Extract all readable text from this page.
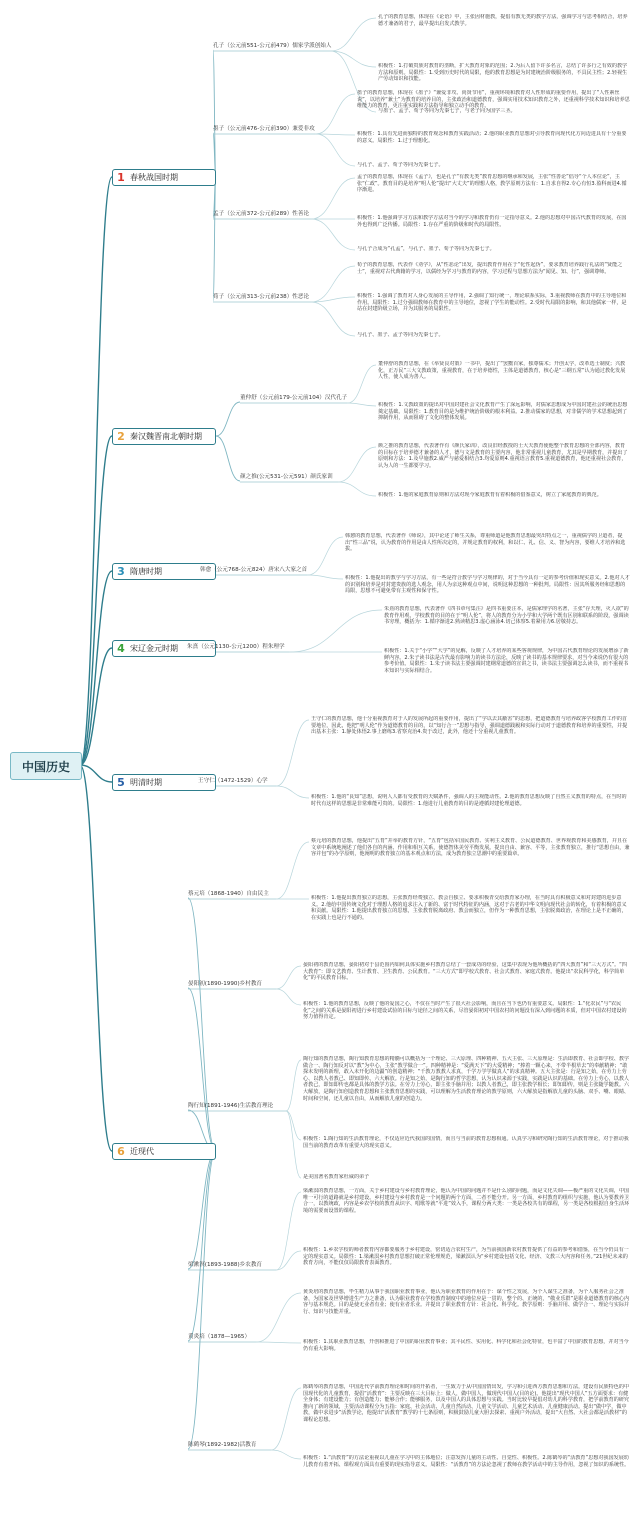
中国历史
1 春秋战国时期
孔子（公元前551-公元前479）儒家学派创始人
孔子的教育思想，体现在《论语》中，主张因材施教，提倡有教无类的教学方法，强调学习与思考相结合，培养德才兼备的君子，最早提出启发式教学。
积极性：1.打破贵族对教育的垄断，扩大教育对象的范围；2.为后人留下许多名言，总结了许多行之有效的教学方法和原则。局限性：1.受到历史时代的局限，他的教育思想是为封建统治阶级服务的，不具民主性；2.轻视生产劳动知识和技能。
与墨子、孟子、荀子等同为先秦七子，与老子同为国学三圣。
墨子（公元前476-公元前390）兼爱非攻
墨子的教育思想，体现在《墨子》“兼爱非攻、尚贤节用”，重视环境和教育对人性形成的重要作用，提出了“人性素丝说”，以培养“兼士”为教育的培养目的，主张政治和道德教育，强调实用技术知识教育之外，还重视科学技术知识和培养思维能力的教育，更注重实践和方法指导和独立动手的教育。
积极性：1.具有先进而独特的教育观念和教育实践活动；2.他的职业教育思想对引导教育向现代化方向迈进具有十分重要的意义。局限性：1.过于理想化。
与孔子、孟子、荀子等同为先秦七子。
孟子（公元前372-公元前289）性善论
孟子的教育思想，体现在《孟子》，也是孔子“有教无类”教育思想的继承和发展，主张“性善论”倡导“个人本位论”，主张“仁政”。教育目的是培养“明人伦”提出“大丈夫”的理想人格，教学原则方法有：1.自求自得2.专心有恒3.盈科而进4.循序渐进。
积极性：1.他强调学习方法和教学方法对当今的学习和教育仍有一定指导意义。2.他的思想对中国古代教育的发展，在国外也得到广泛传播。局限性：1.存在严重的阶级和时代的局限性。
与孔子合成为“孔孟”，与孔子、墨子、荀子等同为先秦七子。
荀子（公元前313-公元前238）性恶论
荀子的教育思想，代表作《劝学》，从“性恶论”出发，提出教育作用在于“化性起伪”，要求教育培养践行礼法的“贤能之士”，重视对古代典籍的学习，以儒经为学习与教育的内容，学习过程与思想方法为“闻见、知、行”，强调尊师。
积极性：1.强调了教育对人身心发展的主导作用，2.强调了知行统一，理论联系实际，3.重视教师在教育中的主导地位和作用。局限性：1.过分强调教师在教育中的主导地位，忽视了学生的能动性。2.受时代局限的影响，和其他儒家一样，是站在封建阶级立场，并为其服务的局限性。
与孔子、墨子、孟子等同为先秦七子。
2 秦汉魏晋南北朝时期
董仲舒（公元前179-公元前104）汉代孔子
董仲舒的教育思想，在《举贤良对策》一书中，提出了“罢黜百家，独尊儒术；开创太学，改革选士制度；兴教化，正万民”三大文教政策，重视教育，在于培养德性，主体是道德教育，核心是“三纲五常”认为通过教化发展人性，使人成为善人。
积极性：1.文教政策的提出对中国封建社会文化教育产生了深远影响，对儒家思想成为中国封建社会的统治思想奠定基础。局限性：1.教育目的是为维护统治阶级的根本利益。2.推动儒家的思想，对非儒学的学术思想起到了抑制作用，从而阻碍了文化的整体发展。
颜之推(公元531-公元591）颜氏家训
颜之推的教育思想，代表著作有《颜氏家训》，改良旧经教授的士大夫教育使他整个教育思想的全部内容，教育的目标在于培养德才兼备的人才，德与文是教育的主要内容，他非常重视儿童教育，尤其是早期教育，并提出了原则和方法：1.及早施教2.威严与慈爱相结合3.均爱原则4.重视语言教育5.重视道德教育，他还重视社会教育，认为人的一生都要学习。
积极性：1.他的家庭教育原则和方法对现今家庭教育有着积极的借鉴意义，树立了家庭教育的典范。
3 隋唐时期	韩愈（公元768-公元824）唐宋八大家之首
韩愈的教育思想，代表著作《师说》，其中论述了师生关系，尊重师道是他教育思想最突出特点之一，重视儒学的卫道者，提出“性三品”说，认为教育的作用是由人性所决定的，并规定教育的权利，和以仁、礼、信、义、智为内容，要维人才培养和选拔。
积极性：1.他提出的教学与学习方法，有一些是符合教学与学习规律的，对于当今具有一定的参考价值和现实意义。2.他对人才的识别和培养是对封建贵族的选人观念，用人为亲这种观点中间，说明这种思想的一种批判。局限性：因其所服务经和思想的局限，思想不可避免带有主观性和保守性。
4 宋辽金元时期 朱熹（公元1130-公元1200）程朱理学
朱熹的教育思想，代表著作《四书章句集注》是四书重要注本，是儒家理学的名著，主张“存天理，灭人欲”的教育作用观，学校教育的目的在于“明人伦”，将人的教育分为小学和大学两个既有区别和联系的阶段，强调读书穷理，概括为：1.循序渐进2.熟读精思3.虚心涵泳4.切己体察5.着紧用力6.居敬持志。
积极性：1.关于“小学”“大学”的见解，反映了人才培养的某些客观规律，为中国古代教育理论的发展增添了新鲜内容。2.朱子读书法是古代最有影响力的读书方法论，反映了读书的基本规律要求，对当今来说仍有很大的参考价值。局限性：1.朱子读书法主要强调封建纲常道德的宣讲之书，读书法主要强调怎么读书，而不重视书本知识与实际相结合。
5 明清时期	王守仁（1472-1529）心学
王守仁的教育思想，他十分重视教育对于人的发展所起的重要作用，提出了“学以去其蔽害”的思想，把道德教育与培养政客学校教育工作的首要地位，因此，他把“明人伦”作为道德教育的目的，以“知行合一”思想与指导，强调道德践履和实际行动对于道德教育和培养的重要性，并提出基本主张：1.静处体悟2.事上磨练3.省察克治4.贵于改过，此外，他还十分重视儿童教育。
积极性：1.他的“良知”思想，说明人人都有受教育的天赋条件，强调人的主观能动性。2.他的教育思想反映了自然主义教育的特点，在当时的时代有这样的思想是非常难能可贵的。局限性：1.他进行儿童教育的目的是遵循封建伦理道德。
6 近现代
蔡元培（1868-1940）自由民主
蔡元培的教育思想，他提出“五育”并举的教育方针，“五育”包括军国民教育、实利主义教育、公民道德教育、世界观教育和美感教育，并且在文章中系统地阐述了他们各自的内涵、作用和相互关系，使德智体美劳平衡发展。提出自由、兼容、平等，主张教育独立，推行“思想自由，兼容并包”的办学原则，他阐明的教育独立的基本观点和方法，成为教育独立思潮中的重要篇章。
积极性：1.他提出教育独立的思想，主张教育经费独立、教会自独立、要求积极青交给教育家办理，在当时具有积极意义和对封建的进步意义。2.他给中国传统文化对于理想人格的追求注入了新的、富于时代特征的内涵，这对于古老的中华文明向现代社会的转化，有着积极的意义和贡献。局限性：1.他提出教育独立的思想，主张教育脱离政府、教会而独立，但作为一种教育思想，主张脱离政治，在理论上是不正确的，在实践上也是行不通的。
晏阳初(1890-1990)乡村教育
晏阳初的教育思想，晏阳初对于县范围内如何具体实施乡村教育总结了一套成功的经验，这集中表现为他所概括的“四大教育”和“三大方式”。“四大教育”：即文艺教育、生计教育、卫生教育、公民教育。“三大方式”即学校式教育、社会式教育、家庭式教育。他提出“农民科学化，科学简单化”的平民教育目标。
积极性：1.他的教育思想，反映了他的爱国之心，不仅在当时产生了很大社会影响，而且在当下也仍有重要意义。局限性：1.“化农民”与“农民化”之间的关系是晏阳初进行乡村建设试验的目标与途径之间的关系，尽管晏阳初对中国农村的问题没有深入到问题的本质，但对中国农村建设的努力值得肯定。
陶行知(1891-1946)生活教育理论
陶行知的教育思想，陶行知教育思想的精髓可以概括为一个理论、三大原理、四种精神、五大主张、三大原理是：生活即教育、社会即学校、教学做合一、陶行知反对以“教”为中心，主张“教学做合一”。四种精神是：“爱满天下”的大爱精神；“捧着一颗心来，不带半根草去”的奉献精神；“敢探未发明的新理，敢入未开化的边疆”的创造精神；“千教万教教人求真，千学万学学做真人”的求真精神。五大主张是：行是知之始，在劳力上劳心、以教人者教己、即知即传、六大解放。行是知之始，是陶行知的哲学思想，认为认识来源于实践，实践是认识的基础。在劳力上劳心，以教人者教己，即知即传也都是具体的教学方法。在劳力上劳心，即主张手脑并用；以教人者教己，即主张教学相长；即知即传，则是主张随学随教。六大解放，是陶行知创造教育思想和主张教育思想的实践，可以理解为生活教育理论的教学原则，六大解放是指解放儿童的头脑、双手、嘴、眼睛、时间和空间，还儿童以自由，从而解放儿童的创造力。
积极性：1.陶行知的生活教育理论，不仅适应近代我国的国情，而且与当前的教育思想相通。认真学习和研究陶行知的生活教育理论，对于推动我国当前的教育改革有重要大的现实意义。
是美国著名教育家杜威的弟子
梁漱溟(1893-1988)乡农教育
梁漱溟的教育思想，一方面，关于乡村建设与乡村教育理论，他认为中国的问题并不是什么别的问题，而是文化失调——极严重的文化失调，中国唯一可行的道路就是乡村建设。乡村建设与乡村教育是一个问题的两个方面，二者不能分开。另一方面，乡村教育的组织与实施，他认为要教养卫合一，以教统政，内容是乡农学校的教育从识字、唱歌等就“平进”效入手，课程分两大类：一类是各校共有的课程，另一类是各校根据自身生活环境的需要而设置的课程。
积极性：1.乡农学校的师者教育内容都要服务于乡村建设，密切适合农村生产，为当前我国新农村教育提供了有益的参考和借鉴，在当今仍具有一定的现实意义。局限性：1.梁漱溟乡村教育思想打破正常伦理规范，梁漱溟认为“乡村建设包括文化、经济、文教三大内容和任务。”21世纪未来的教育方向，不能仅仅局限教育表面教育。
黄炎培（1878—1965）
黄炎培的教育思想，毕生精力从事于我国职业教育事业，他认为职业教育的作用在于：谋个性之发展，为个人谋生之准备，为个人服务社会之准备，为国家及世界增进生产力之准备，认为职业教育在学校教育制度中的地位应是一贯的，整个的、正统的，“敬业乐群”是职业道德教育的核心内容与基本规范。目的是使无业者有业；使有业者乐业。并提出了职业教育方针：社会化、科学化。教学原则：手脑并用、做学合一、理论与实际并行、知识与技能并重。
积极性：1.其职业教育思想，开创和推进了中国的职业教育事业；其平民性、实用化、科学化和社会化特征，也丰富了中国的教育思想，并对当今仍有重大影响。
陈鹤琴(1892-1982)活教育
陈鹤琴的教育思想，中国近代学前教育理论和时间的开拓者，一生致力于从中国国情出发，学习和引进西方教育思想和方法，建设有民族特色的中国现代化的儿童教育，提倡“活教育”：主要反映在三大目标上：做人，做中国人，做现代中国人(目的论)。他提出“现代中国人”五方面要求：有健全身体；有建设能力；有创造能力；能够合作；能够服务，以及中国人的具体思想与实践。当时比较早提倡对幼儿的科学教育，把学前教育的研究推向了新的领域，主要活动课程分为五指：家庭、社会活动、儿童自然活动、儿童文学活动、儿童艺术活动、儿童健康活动。提出“做中学，做中教，做中求进步”活教学论，他提出“活教育”教学的十七条原则，积极鼓励儿童大胆去探索、重视户外活动，提出“大自然、大社会都是活教材”的课程论思想。
积极性：1.“活教育”的方法论重视以儿童在学习中的主体地位；注意发挥儿童的主动性、自觉性、积极性。2.陈鹤琴的“活教育”思想对我国发展幼儿教育有着开拓、课程观方面具有重要的现实指导意义。局限性：“活教育”的方法论忽视了教师在教学活动中的主导作用，忽视了知识的系统性。
